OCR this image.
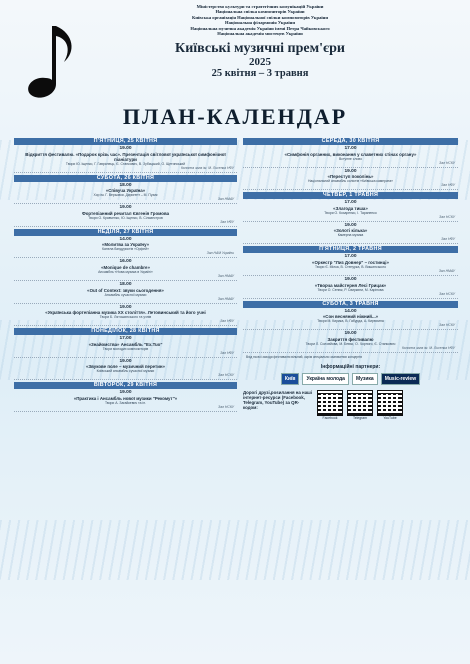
Міністерство культури та стратегічних комунікацій України
Національна спілка композиторів України
Київська організація Національної спілки композиторів України
Національна філармонія України
Національна музична академія України імені Петра Чайковського
Національна академія мистецтв України
Київські музичні прем'єри
2025
25 квітня – 3 травня
ПЛАН-КАЛЕНДАР
П'ЯТНИЦЯ, 25 КВІТНЯ
19.00
Відкриття фестивалю. «Подарок крізь час». Презентація світлової української симфонічної піаніатури
Твори Ю. Іщенко, Г. Гаврилець, Є. Станкович, В. Зубицький, О. Щетинський
Колонна зала ім. М. Лисенка НФУ
СУБОТА, 26 КВІТНЯ
18.00
«Співуча Україна»
Хор ім. Г. Верьовки. Диригент – М. Пузик
Зал НМАУ
19.00
Фортепіанний речитал Євгенія Громова
Твори О. Кравченко, Ю. Іщенко, В. Сільвестров
Зал НФУ
НЕДІЛЯ, 27 КВІТНЯ
14.00
«Молитва за Україну»
Капела бандуристів «Орфей»
Зал НАМ України
16.00
«Monique de chambre»
Ансамбль «Нова музика в Україні»
Зал НМАУ
18.00
«Out of Context: звуки сьогодення»
Ансамбль сучасної музики
Зал НМАУ
19.00
«Українська фортепіанна музика ХХ століття». Летовинський та його учні
Твори Б. Лятошинського та учнів
Зал НФУ
ПОНЕДІЛОК, 28 КВІТНЯ
17.00
«Знайомства» Ансамбль "Ex.Tuo"
Твори молодих композиторів
Зал НФУ
19.00
«Звукове поле – музичний перетин»
Київський ансамбль сучасної музики
Зал НСКУ
ВІВТОРОК, 29 КВІТНЯ
19.00
«Практика і Ансамбль нової музики "Рекомут"»
Твори А. Загайкевич та ін.
Зал НСКУ
СЕРЕДА, 30 КВІТНЯ
17.00
«Симфонія органних, виконання у славетних стінах органу»
Вступне слово
Зал НСКУ
19.00
«Переступ поколінь»
Національний ансамбль солістів «Київська камерата»
Зал НФУ
ЧЕТВЕР, 1 ТРАВНЯ
17.00
«Злагода тиша»
Твори О. Козаренко, І. Тараненко
Зал НСКУ
19.00
«Золоті кілька»
Камерна музика
Зал НФУ
П'ЯТНИЦЯ, 2 ТРАВНЯ
17.00
«Оркестр "Лиз Довнер" – гостинці»
Твори Є. Мілка, В. Степурка, В. Вишинського
Зал НМАУ
19.00
«Творча майстерня Лесі Грицак»
Твори О. Сенюк, Р. Свиркини, М. Карінова
Зал НСКУ
СУБОТА, 3 ТРАВНЯ
14.00
«Сон весняний ніжний...»
Твори М. Кирика, В. Габурда, А. Кирюхина
Зал НСКУ
19.00
Закриття фестивалю
Твори Л. Соловйова, М. Бевзо, О. Чорного, Є. Станкович
Колонна зала ім. М. Лисенка НФУ
Вхід на всі заходи фестивалю вільний, окрім спеціально зазначених концертів
Інформаційні партнери:
Київ	Україна молода	Музика	Music-review
Дорогі друзі,posилання на наші інтернет-ресурси (Facebook, Telegram, YouTube) за QR-кодом:
Facebook	Telegram	YouTube
